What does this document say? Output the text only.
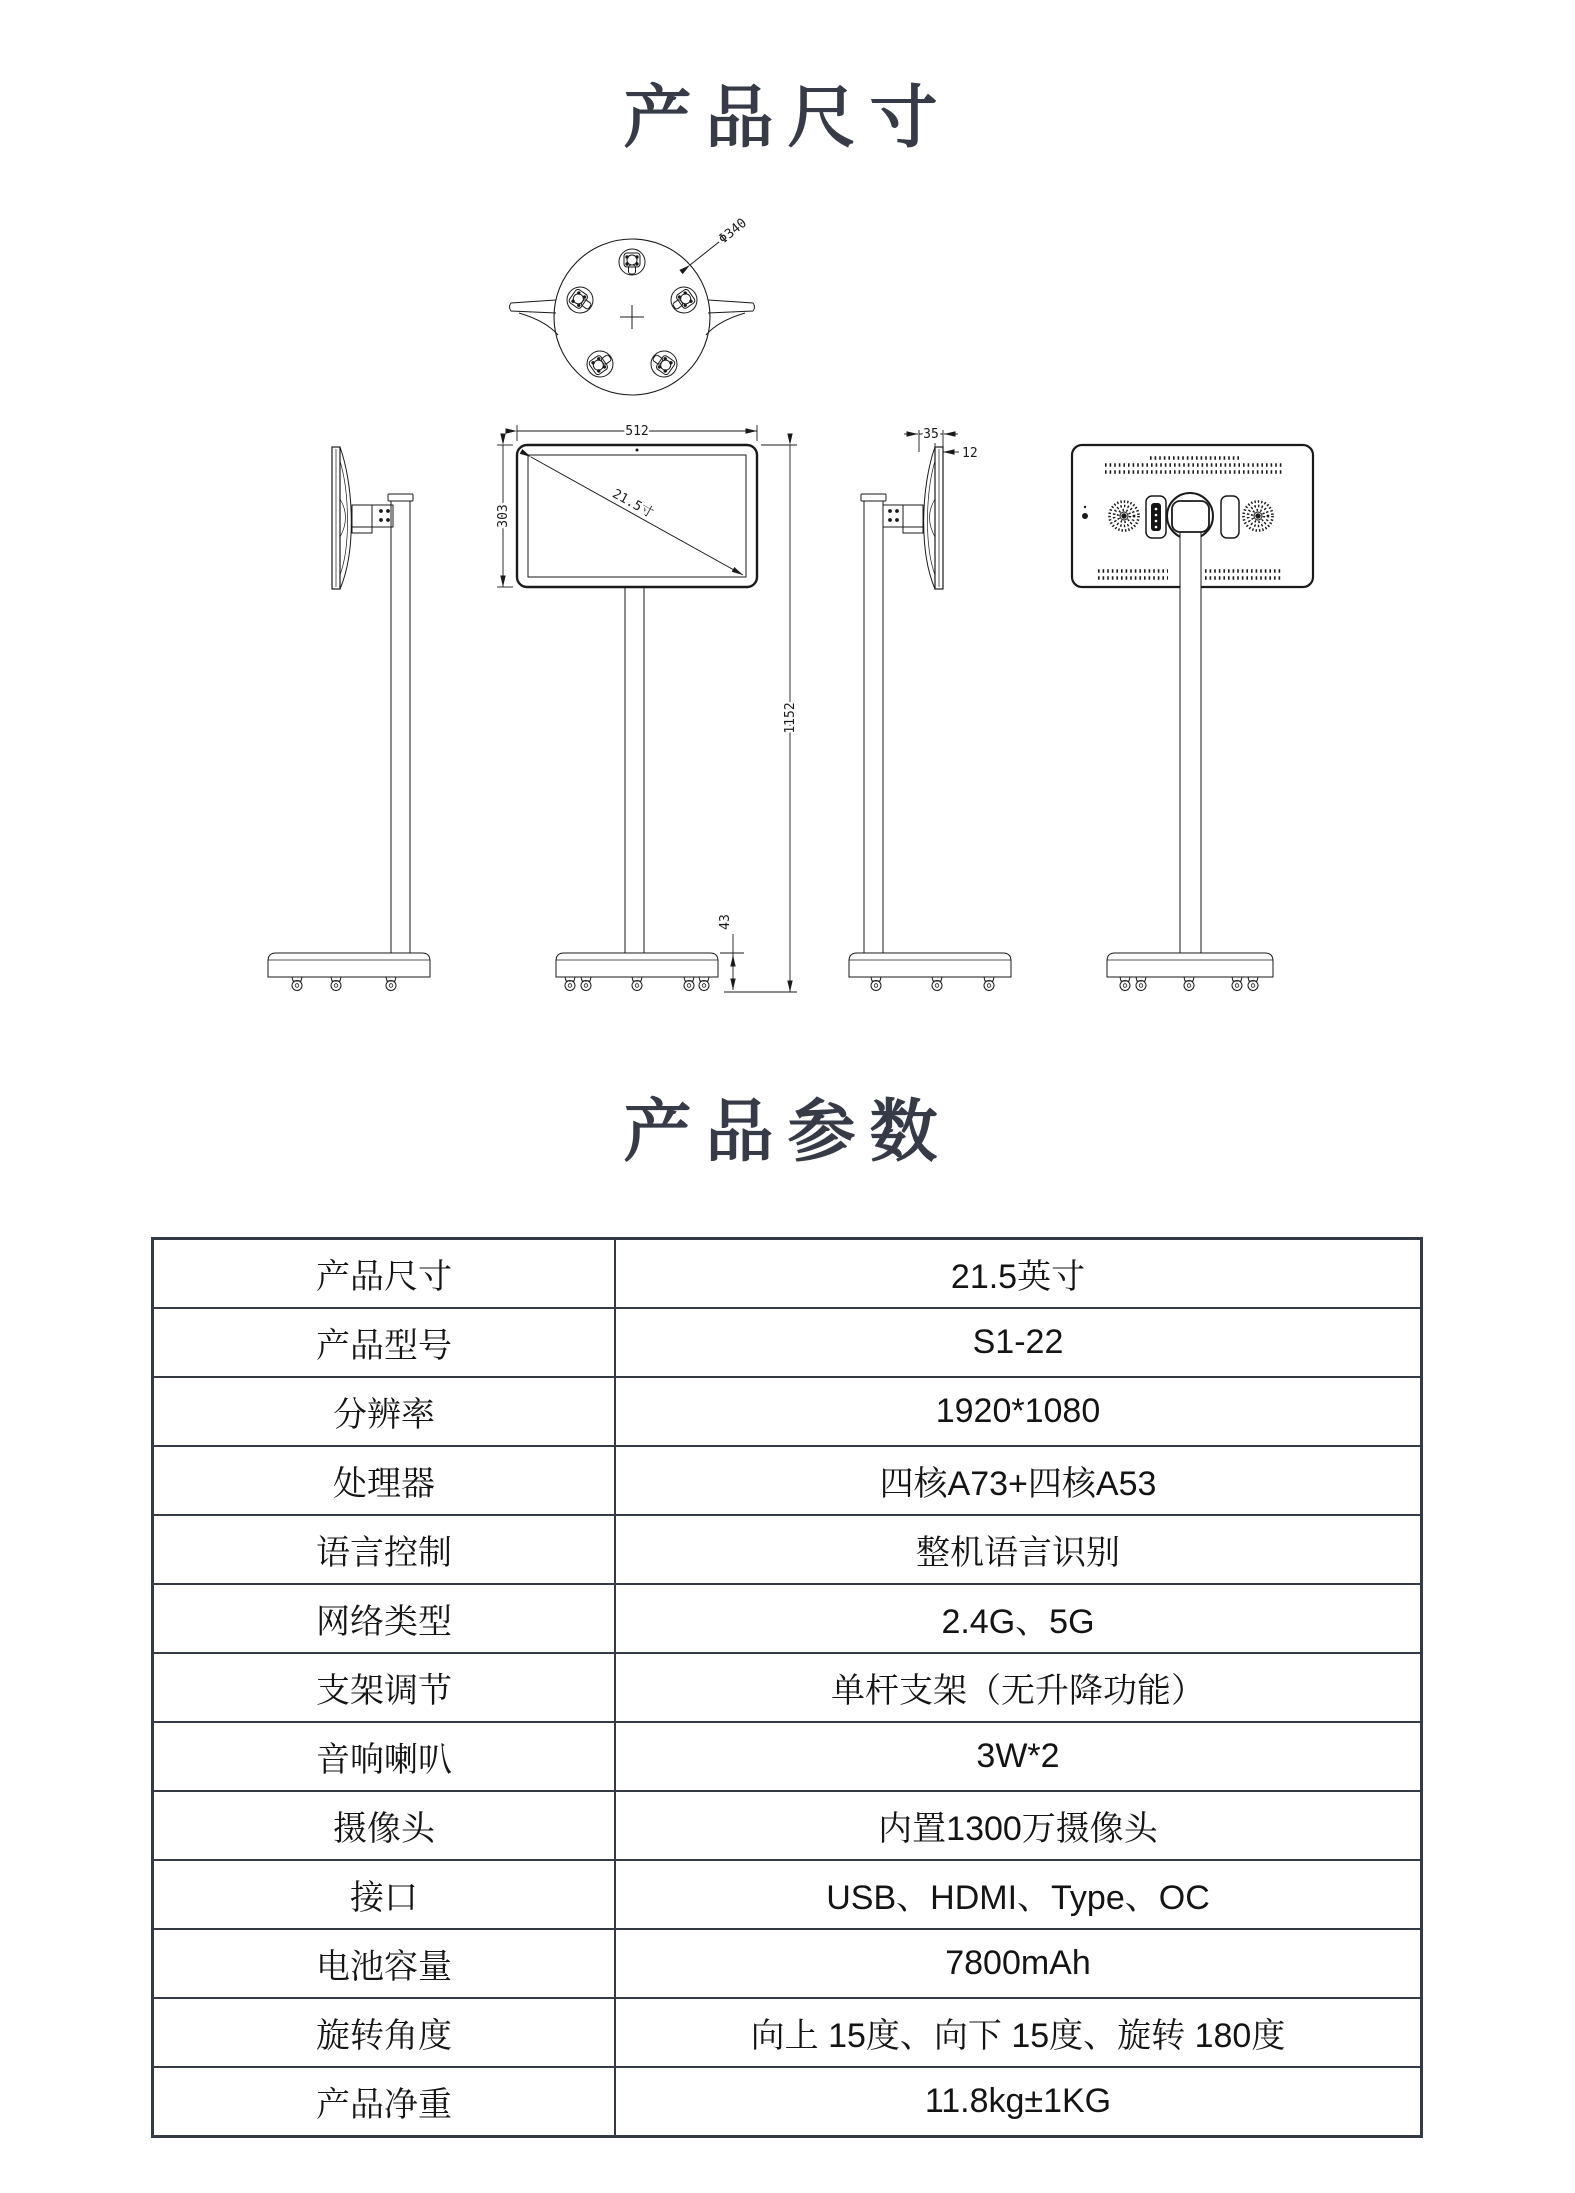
产品尺寸
Φ340
21.5寸
512
303
1152
43
35
12
产品参数
产品尺寸	21.5英寸
产品型号	S1-22
分辨率	1920*1080
处理器	四核A73+四核A53
语言控制	整机语言识别
网络类型	2.4G、5G
支架调节	单杆支架（无升降功能）
音响喇叭	3W*2
摄像头	内置1300万摄像头
接口	USB、HDMI、Type、OC
电池容量	7800mAh
旋转角度	向上 15度、向下 15度、旋转 180度
产品净重	11.8kg±1KG
